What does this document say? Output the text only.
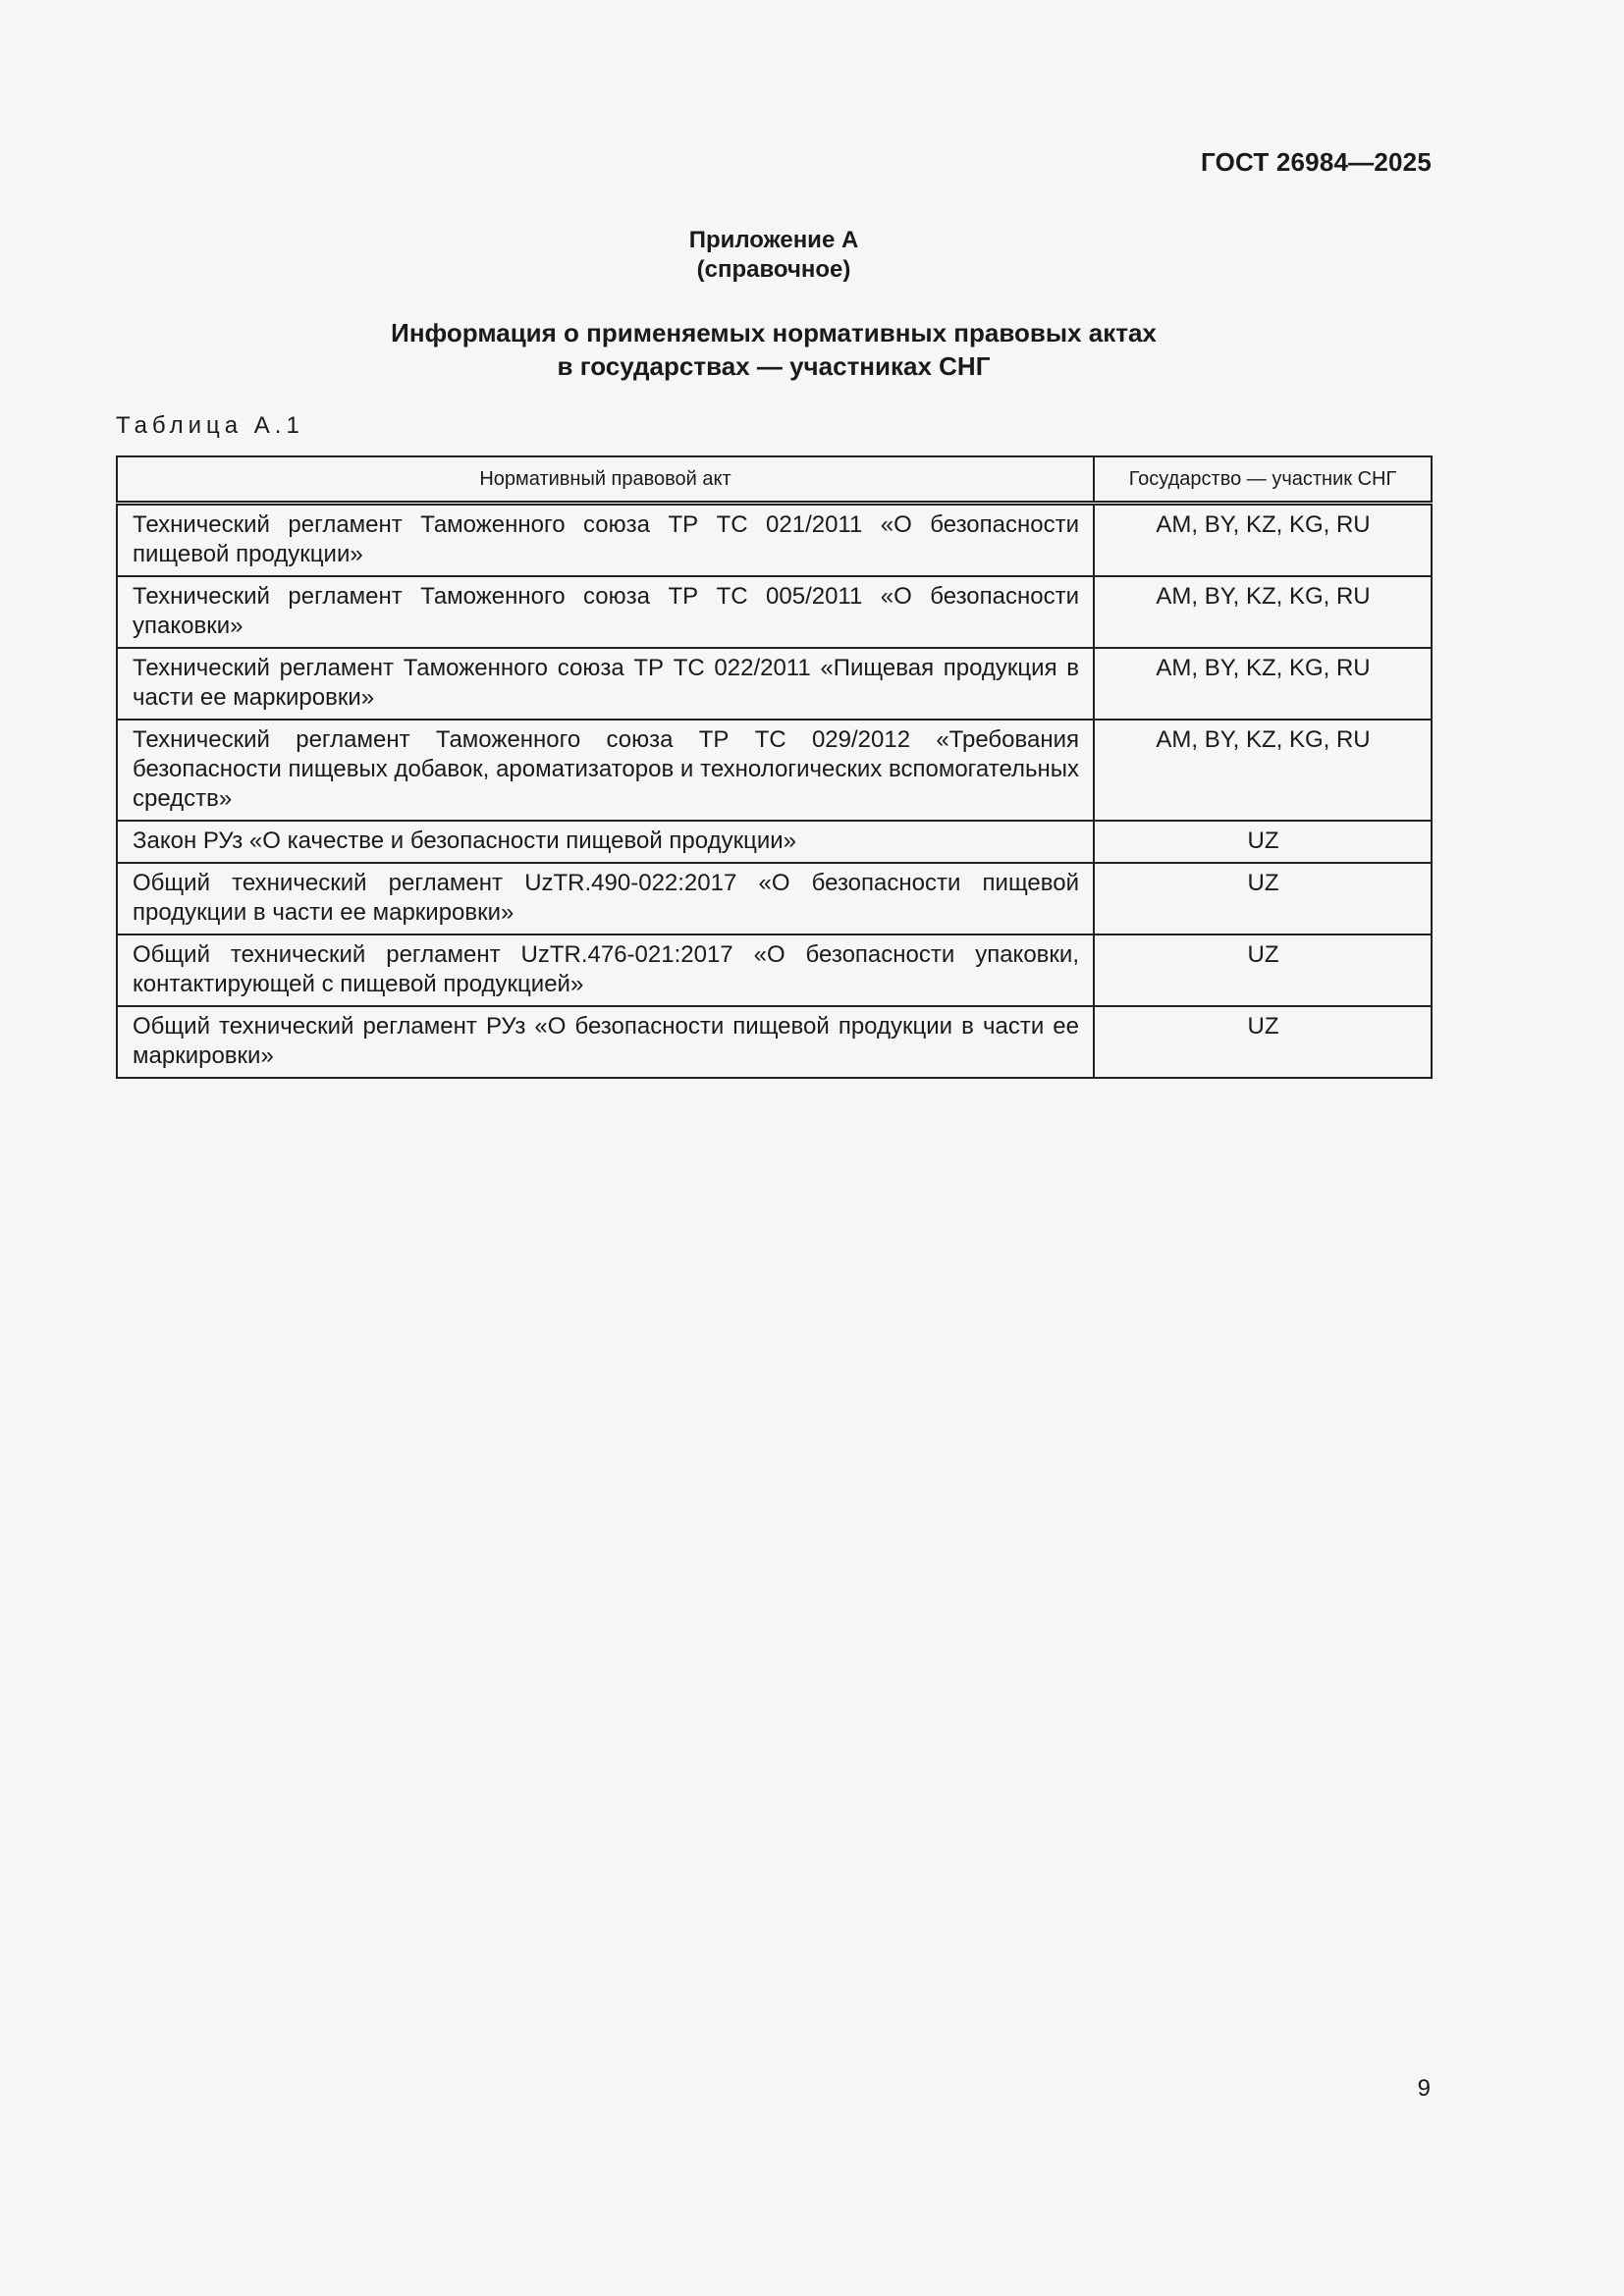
ГОСТ 26984—2025
Приложение А
(справочное)
Информация о применяемых нормативных правовых актах
в государствах — участниках СНГ
Таблица А.1
Нормативный правовой акт	Государство — участник СНГ
Технический регламент Таможенного союза ТР ТС 021/2011 «О безопасности пищевой продукции»	AM, BY, KZ, KG, RU
Технический регламент Таможенного союза ТР ТС 005/2011 «О безопасности упаковки»	AM, BY, KZ, KG, RU
Технический регламент Таможенного союза ТР ТС 022/2011 «Пищевая продукция в части ее маркировки»	AM, BY, KZ, KG, RU
Технический регламент Таможенного союза ТР ТС 029/2012 «Требования безопасности пищевых добавок, ароматизаторов и технологических вспомогательных средств»	AM, BY, KZ, KG, RU
Закон РУз «О качестве и безопасности пищевой продукции»	UZ
Общий технический регламент UzTR.490-022:2017 «О безопасности пищевой продукции в части ее маркировки»	UZ
Общий технический регламент UzTR.476-021:2017 «О безопасности упаковки, контактирующей с пищевой продукцией»	UZ
Общий технический регламент РУз «О безопасности пищевой продукции в части ее маркировки»	UZ
9
